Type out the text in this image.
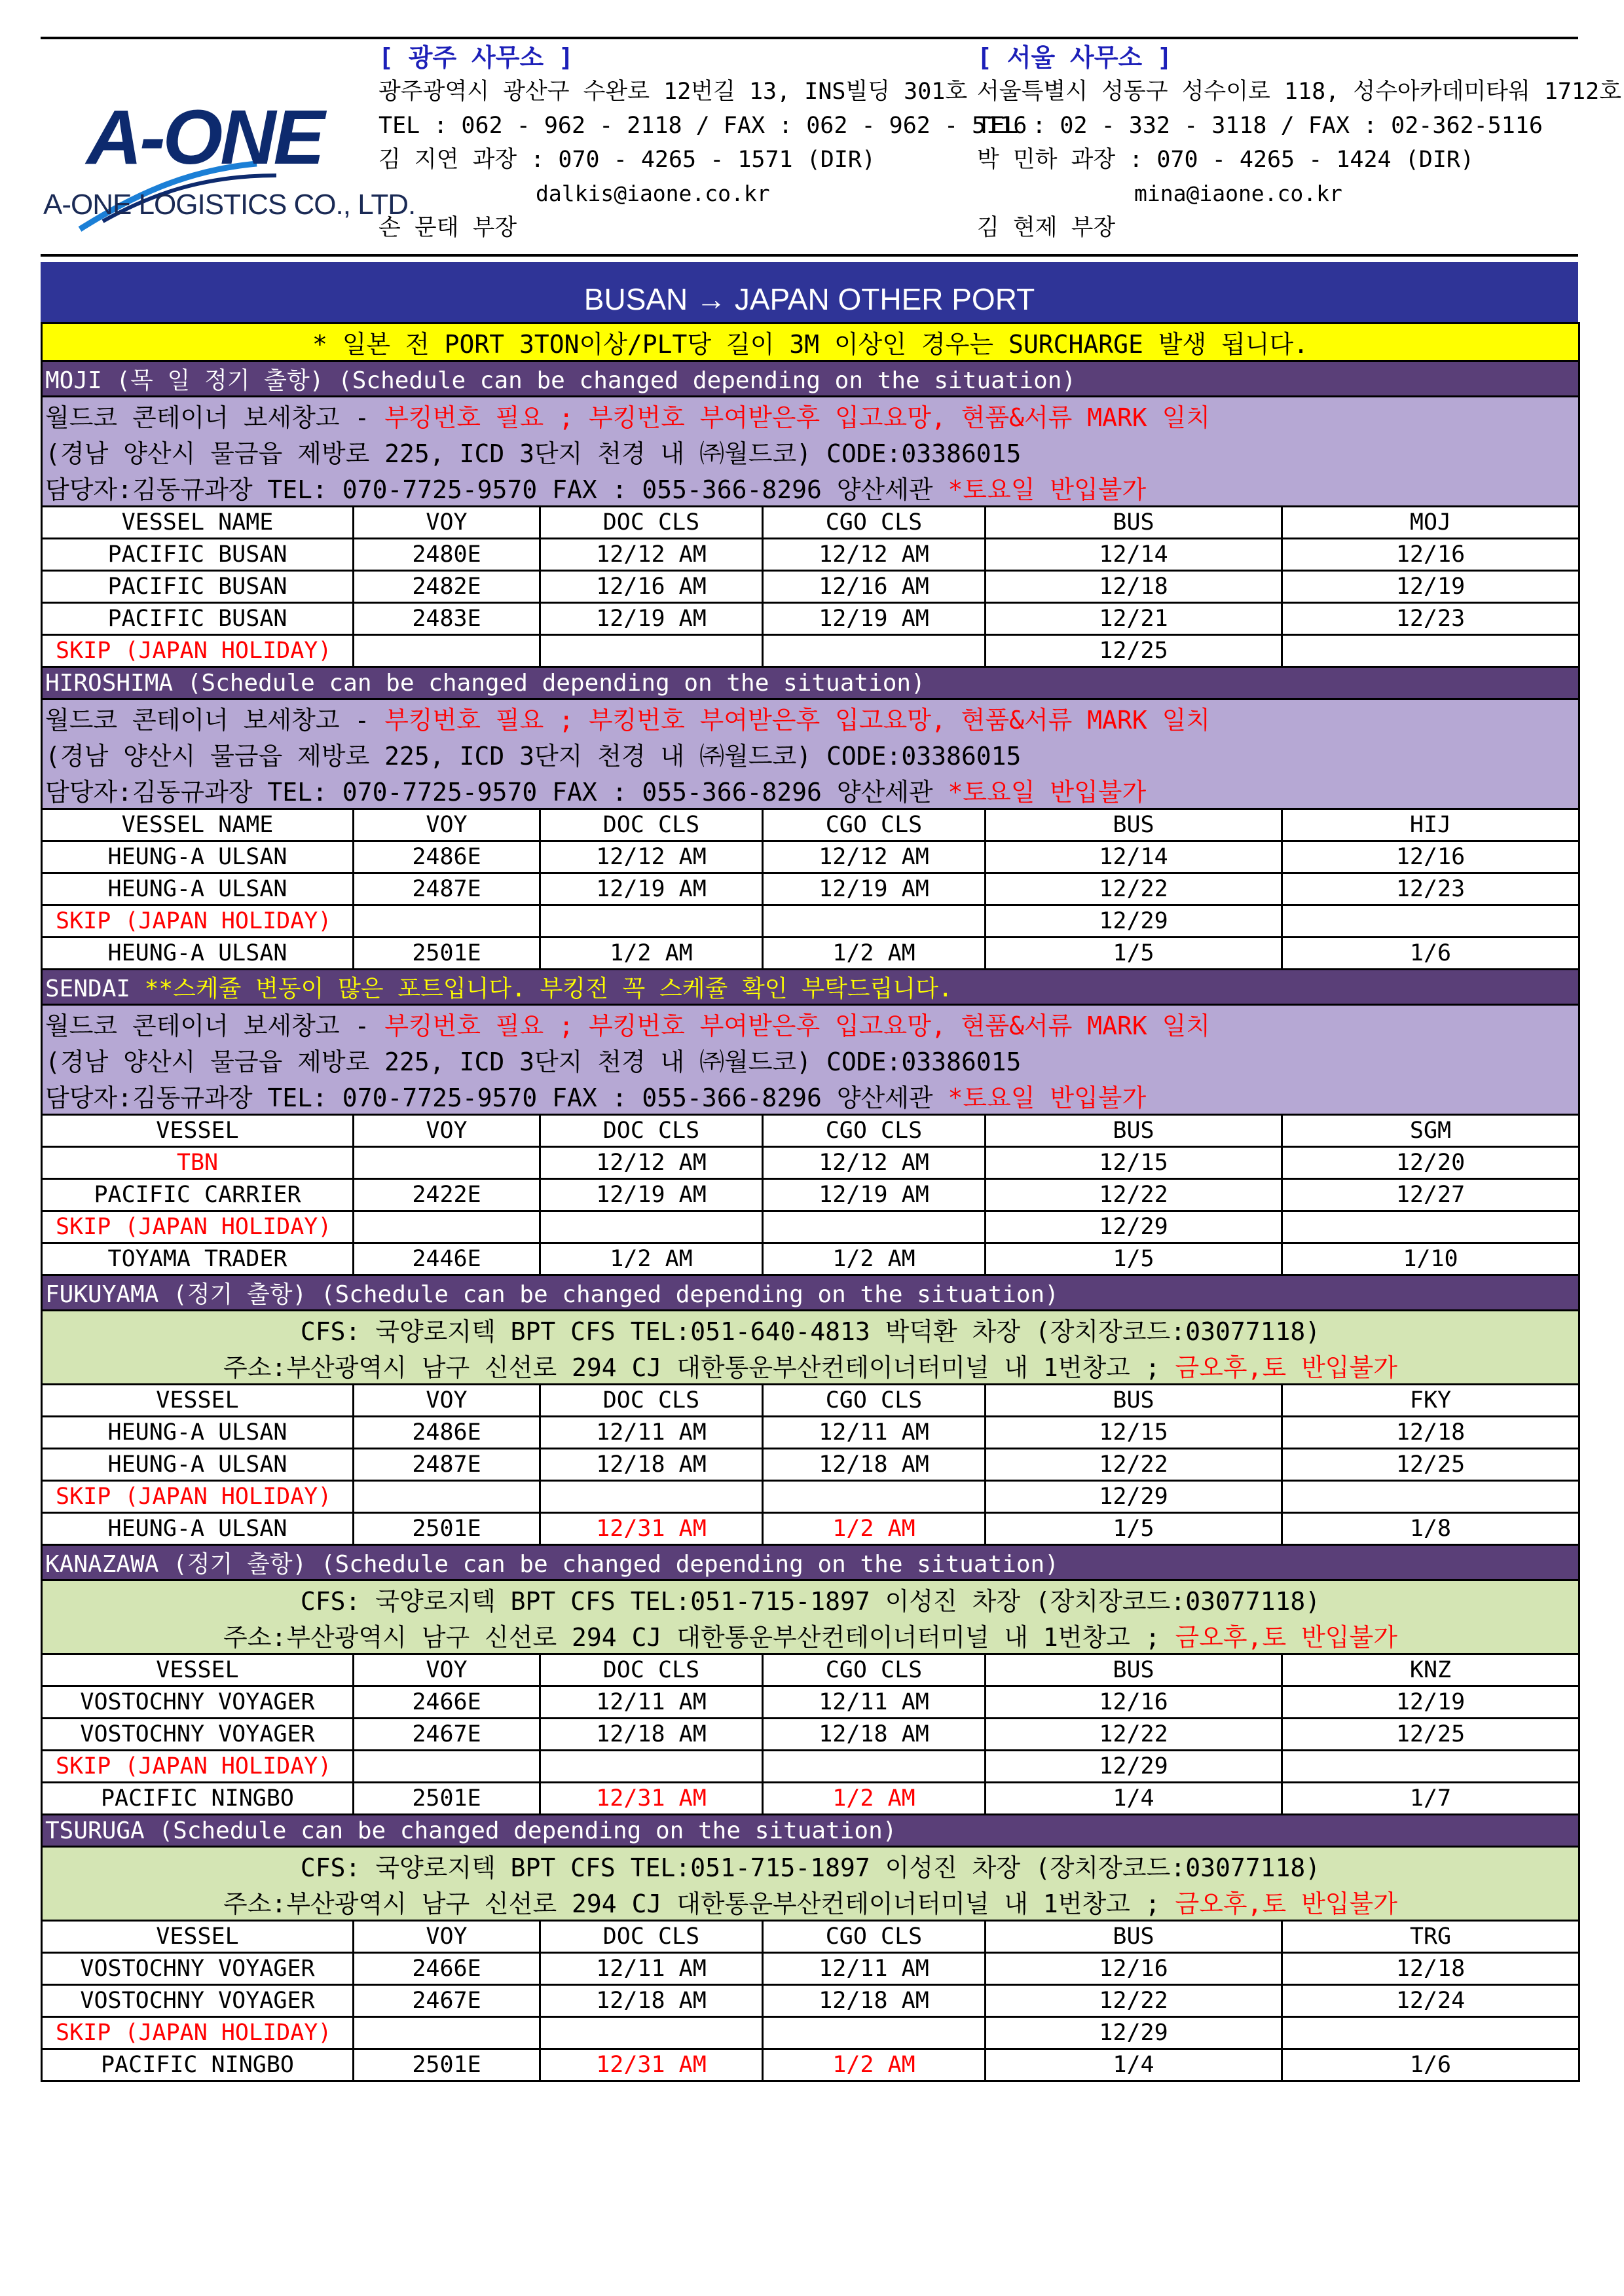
A-ONE
A-ONE LOGISTICS CO., LTD.
[ 광주 사무소 ]
광주광역시 광산구 수완로 12번길 13, INS빌딩 301호
TEL : 062 - 962 - 2118 / FAX : 062 - 962 - 5116
김 지연 과장 : 070 - 4265 - 1571 (DIR)
dalkis@iaone.co.kr
손 문태 부장
[ 서울 사무소 ]
서울특별시 성동구 성수이로 118, 성수아카데미타워 1712호
TEL : 02 - 332 - 3118 / FAX : 02-362-5116
박 민하 과장 : 070 - 4265 - 1424 (DIR)
mina@iaone.co.kr
김 현제 부장
BUSAN → JAPAN OTHER PORT
* 일본 전 PORT 3TON이상/PLT당 길이 3M 이상인 경우는 SURCHARGE 발생 됩니다.					
MOJI (목 일 정기 출항) (Schedule can be changed depending on the situation)					
월드코 콘테이너 보세창고 - 부킹번호 필요 ; 부킹번호 부여받은후 입고요망, 현품&서류 MARK 일치					
(경남 양산시 물금읍 제방로 225, ICD 3단지 천경 내 ㈜월드코) CODE:03386015					
담당자:김동규과장 TEL: 070-7725-9570 FAX : 055-366-8296 양산세관 *토요일 반입불가					
VESSEL NAME	VOY	DOC CLS	CGO CLS	BUS	MOJ
PACIFIC BUSAN	2480E	12/12 AM	12/12 AM	12/14	12/16
PACIFIC BUSAN	2482E	12/16 AM	12/16 AM	12/18	12/19
PACIFIC BUSAN	2483E	12/19 AM	12/19 AM	12/21	12/23
SKIP (JAPAN HOLIDAY)				12/25	
HIROSHIMA (Schedule can be changed depending on the situation)					
월드코 콘테이너 보세창고 - 부킹번호 필요 ; 부킹번호 부여받은후 입고요망, 현품&서류 MARK 일치					
(경남 양산시 물금읍 제방로 225, ICD 3단지 천경 내 ㈜월드코) CODE:03386015					
담당자:김동규과장 TEL: 070-7725-9570 FAX : 055-366-8296 양산세관 *토요일 반입불가					
VESSEL NAME	VOY	DOC CLS	CGO CLS	BUS	HIJ
HEUNG-A ULSAN	2486E	12/12 AM	12/12 AM	12/14	12/16
HEUNG-A ULSAN	2487E	12/19 AM	12/19 AM	12/22	12/23
SKIP (JAPAN HOLIDAY)				12/29	
HEUNG-A ULSAN	2501E	1/2 AM	1/2 AM	1/5	1/6
SENDAI **스케쥴 변동이 많은 포트입니다. 부킹전 꼭 스케쥴 확인 부탁드립니다.					
월드코 콘테이너 보세창고 - 부킹번호 필요 ; 부킹번호 부여받은후 입고요망, 현품&서류 MARK 일치					
(경남 양산시 물금읍 제방로 225, ICD 3단지 천경 내 ㈜월드코) CODE:03386015					
담당자:김동규과장 TEL: 070-7725-9570 FAX : 055-366-8296 양산세관 *토요일 반입불가					
VESSEL	VOY	DOC CLS	CGO CLS	BUS	SGM
TBN		12/12 AM	12/12 AM	12/15	12/20
PACIFIC CARRIER	2422E	12/19 AM	12/19 AM	12/22	12/27
SKIP (JAPAN HOLIDAY)				12/29	
TOYAMA TRADER	2446E	1/2 AM	1/2 AM	1/5	1/10
FUKUYAMA (정기 출항) (Schedule can be changed depending on the situation)					
CFS: 국양로지텍 BPT CFS TEL:051-640-4813 박덕환 차장 (장치장코드:03077118)					
주소:부산광역시 남구 신선로 294 CJ 대한통운부산컨테이너터미널 내 1번창고 ; 금오후,토 반입불가					
VESSEL	VOY	DOC CLS	CGO CLS	BUS	FKY
HEUNG-A ULSAN	2486E	12/11 AM	12/11 AM	12/15	12/18
HEUNG-A ULSAN	2487E	12/18 AM	12/18 AM	12/22	12/25
SKIP (JAPAN HOLIDAY)				12/29	
HEUNG-A ULSAN	2501E	12/31 AM	1/2 AM	1/5	1/8
KANAZAWA (정기 출항) (Schedule can be changed depending on the situation)					
CFS: 국양로지텍 BPT CFS TEL:051-715-1897 이성진 차장 (장치장코드:03077118)					
주소:부산광역시 남구 신선로 294 CJ 대한통운부산컨테이너터미널 내 1번창고 ; 금오후,토 반입불가					
VESSEL	VOY	DOC CLS	CGO CLS	BUS	KNZ
VOSTOCHNY VOYAGER	2466E	12/11 AM	12/11 AM	12/16	12/19
VOSTOCHNY VOYAGER	2467E	12/18 AM	12/18 AM	12/22	12/25
SKIP (JAPAN HOLIDAY)				12/29	
PACIFIC NINGBO	2501E	12/31 AM	1/2 AM	1/4	1/7
TSURUGA (Schedule can be changed depending on the situation)					
CFS: 국양로지텍 BPT CFS TEL:051-715-1897 이성진 차장 (장치장코드:03077118)					
주소:부산광역시 남구 신선로 294 CJ 대한통운부산컨테이너터미널 내 1번창고 ; 금오후,토 반입불가					
VESSEL	VOY	DOC CLS	CGO CLS	BUS	TRG
VOSTOCHNY VOYAGER	2466E	12/11 AM	12/11 AM	12/16	12/18
VOSTOCHNY VOYAGER	2467E	12/18 AM	12/18 AM	12/22	12/24
SKIP (JAPAN HOLIDAY)				12/29	
PACIFIC NINGBO	2501E	12/31 AM	1/2 AM	1/4	1/6
